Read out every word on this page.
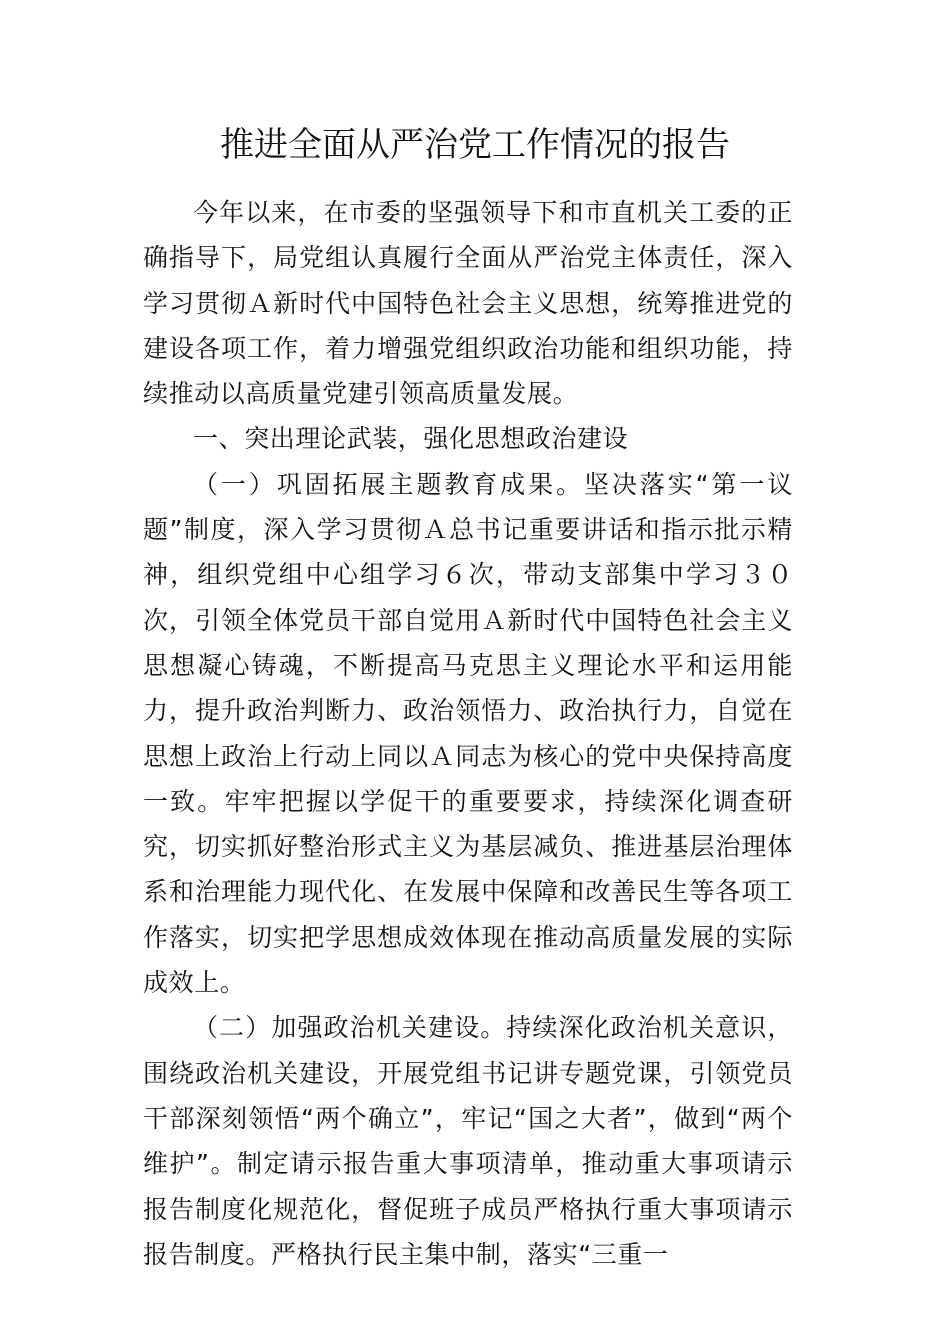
推进全面从严治党工作情况的报告

今年以来，在市委的坚强领导下和市直机关工委的正确指导下，局党组认真履行全面从严治党主体责任，深入学习贯彻Ａ新时代中国特色社会主义思想，统筹推进党的建设各项工作，着力增强党组织政治功能和组织功能，持续推动以高质量党建引领高质量发展。

一、突出理论武装，强化思想政治建设

（一）巩固拓展主题教育成果。坚决落实“第一议题”制度，深入学习贯彻Ａ总书记重要讲话和指示批示精神，组织党组中心组学习６次，带动支部集中学习３０次，引领全体党员干部自觉用Ａ新时代中国特色社会主义思想凝心铸魂，不断提高马克思主义理论水平和运用能力，提升政治判断力、政治领悟力、政治执行力，自觉在思想上政治上行动上同以Ａ同志为核心的党中央保持高度一致。牢牢把握以学促干的重要要求，持续深化调查研究，切实抓好整治形式主义为基层减负、推进基层治理体系和治理能力现代化、在发展中保障和改善民生等各项工作落实，切实把学思想成效体现在推动高质量发展的实际成效上。

（二）加强政治机关建设。持续深化政治机关意识，围绕政治机关建设，开展党组书记讲专题党课，引领党员干部深刻领悟“两个确立”，牢记“国之大者”，做到“两个维护”。制定请示报告重大事项清单，推动重大事项请示报告制度化规范化，督促班子成员严格执行重大事项请示报告制度。严格执行民主集中制，落实“三重一
